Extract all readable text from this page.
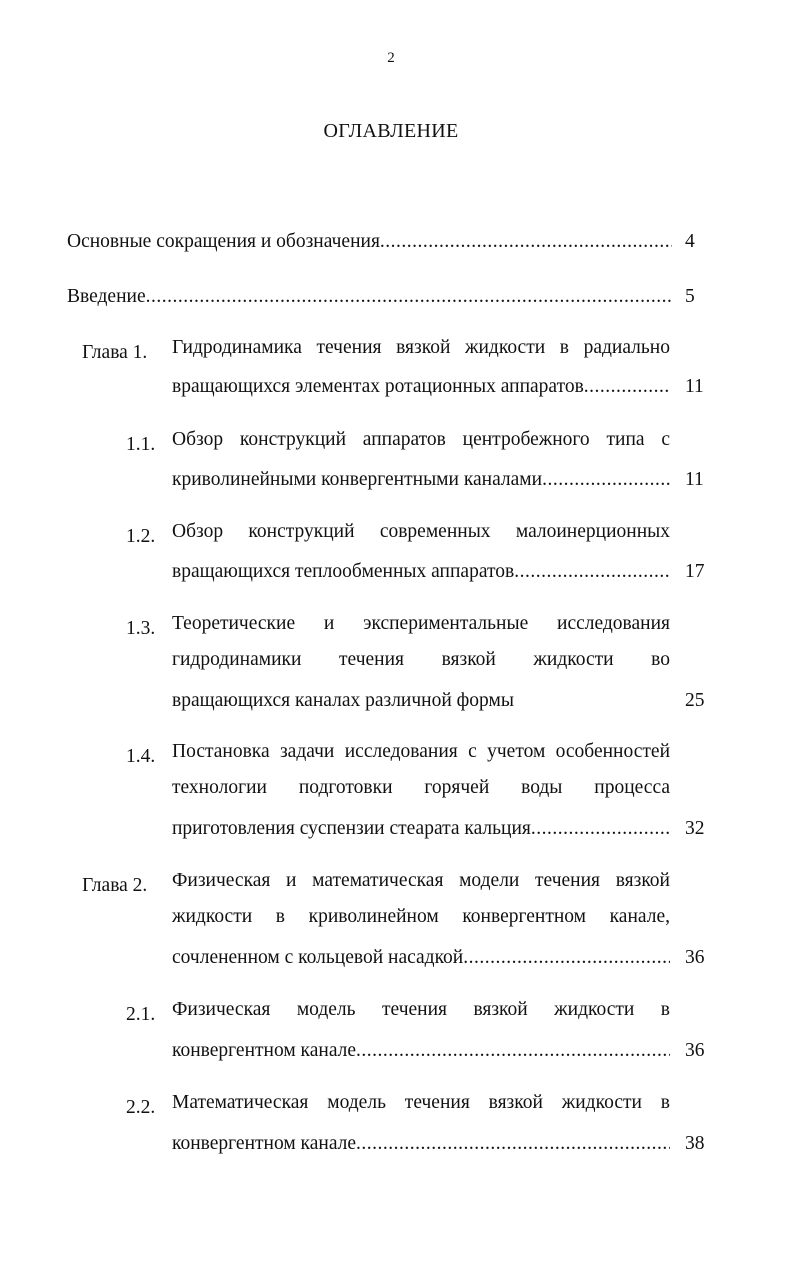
2
ОГЛАВЛЕНИЕ
Основные сокращения и обозначения .....	4
Введение .....	5
Глава 1. Гидродинамика течения вязкой жидкости в радиально
вращающихся элементах ротационных аппаратов .....	11
1.1. Обзор конструкций аппаратов центробежного типа с
криволинейными конвергентными каналами .....	11
1.2. Обзор конструкций современных малоинерционных
вращающихся теплообменных аппаратов .....	17
1.3. Теоретические и экспериментальные исследования
гидродинамики течения вязкой жидкости во
вращающихся каналах различной формы	25
1.4. Постановка задачи исследования с учетом особенностей
технологии подготовки горячей воды процесса
приготовления суспензии стеарата кальция .....	32
Глава 2. Физическая и математическая модели течения вязкой
жидкости в криволинейном конвергентном канале,
сочлененном с кольцевой насадкой .....	36
2.1. Физическая модель течения вязкой жидкости в
конвергентном канале .....	36
2.2. Математическая модель течения вязкой жидкости в
конвергентном канале .....	38
